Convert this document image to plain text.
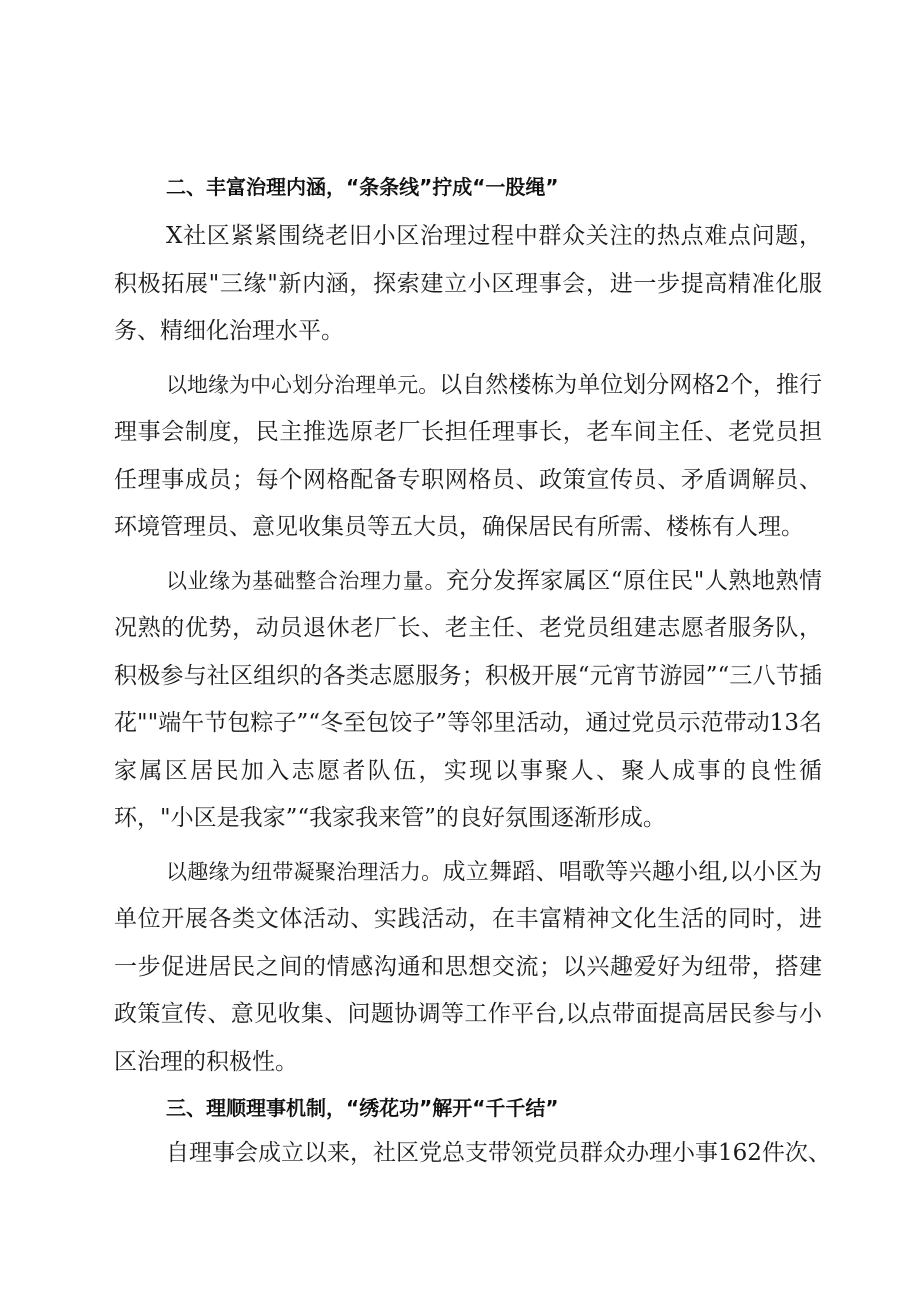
二、丰富治理内涵，“条条线”拧成“一股绳”

X社区紧紧围绕老旧小区治理过程中群众关注的热点难点问题，积极拓展"三缘"新内涵，探索建立小区理事会，进一步提高精准化服务、精细化治理水平。

以地缘为中心划分治理单元。以自然楼栋为单位划分网格2个，推行理事会制度，民主推选原老厂长担任理事长，老车间主任、老党员担任理事成员；每个网格配备专职网格员、政策宣传员、矛盾调解员、环境管理员、意见收集员等五大员，确保居民有所需、楼栋有人理。

以业缘为基础整合治理力量。充分发挥家属区“原住民"人熟地熟情况熟的优势，动员退休老厂长、老主任、老党员组建志愿者服务队，积极参与社区组织的各类志愿服务；积极开展“元宵节游园”“三八节插花""端午节包粽子”“冬至包饺子”等邻里活动，通过党员示范带动13名家属区居民加入志愿者队伍，实现以事聚人、聚人成事的良性循环，"小区是我家”“我家我来管”的良好氛围逐渐形成。

以趣缘为纽带凝聚治理活力。成立舞蹈、唱歌等兴趣小组,以小区为单位开展各类文体活动、实践活动，在丰富精神文化生活的同时，进一步促进居民之间的情感沟通和思想交流；以兴趣爱好为纽带，搭建政策宣传、意见收集、问题协调等工作平台,以点带面提高居民参与小区治理的积极性。

三、理顺理事机制，“绣花功”解开“千千结”

自理事会成立以来，社区党总支带领党员群众办理小事162件次、
